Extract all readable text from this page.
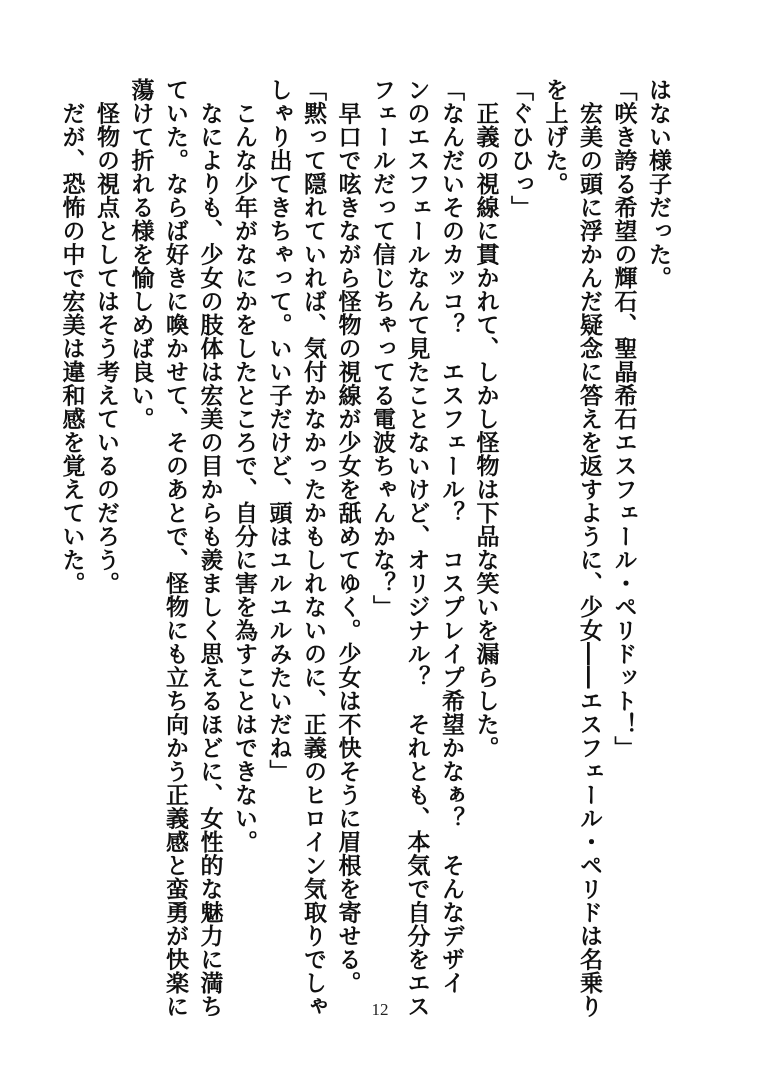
はない様子だった。

「咲き誇る希望の輝石、聖晶希石エスフェール・ペリドット！」

　宏美の頭に浮かんだ疑念に答えを返すように、少女――エスフェール・ペリドは名乗り

を上げた。

「ぐひひっ」

　正義の視線に貫かれて、しかし怪物は下品な笑いを漏らした。

「なんだいそのカッコ？　エスフェール？　コスプレイプ希望かなぁ？　そんなデザイ

ンのエスフェールなんて見たことないけど、オリジナル？　それとも、本気で自分をエス

フェールだって信じちゃってる電波ちゃんかな？」

　早口で呟きながら怪物の視線が少女を舐めてゆく。少女は不快そうに眉根を寄せる。

「黙って隠れていれば、気付かなかったかもしれないのに、正義のヒロイン気取りでしゃ

しゃり出てきちゃって。いい子だけど、頭はユルユルみたいだね」

　こんな少年がなにかをしたところで、自分に害を為すことはできない。

　なによりも、少女の肢体は宏美の目からも羨ましく思えるほどに、女性的な魅力に満ち

ていた。ならば好きに喚かせて、そのあとで、怪物にも立ち向かう正義感と蛮勇が快楽に

蕩けて折れる様を愉しめば良い。

　怪物の視点としてはそう考えているのだろう。

　だが、恐怖の中で宏美は違和感を覚えていた。

12
